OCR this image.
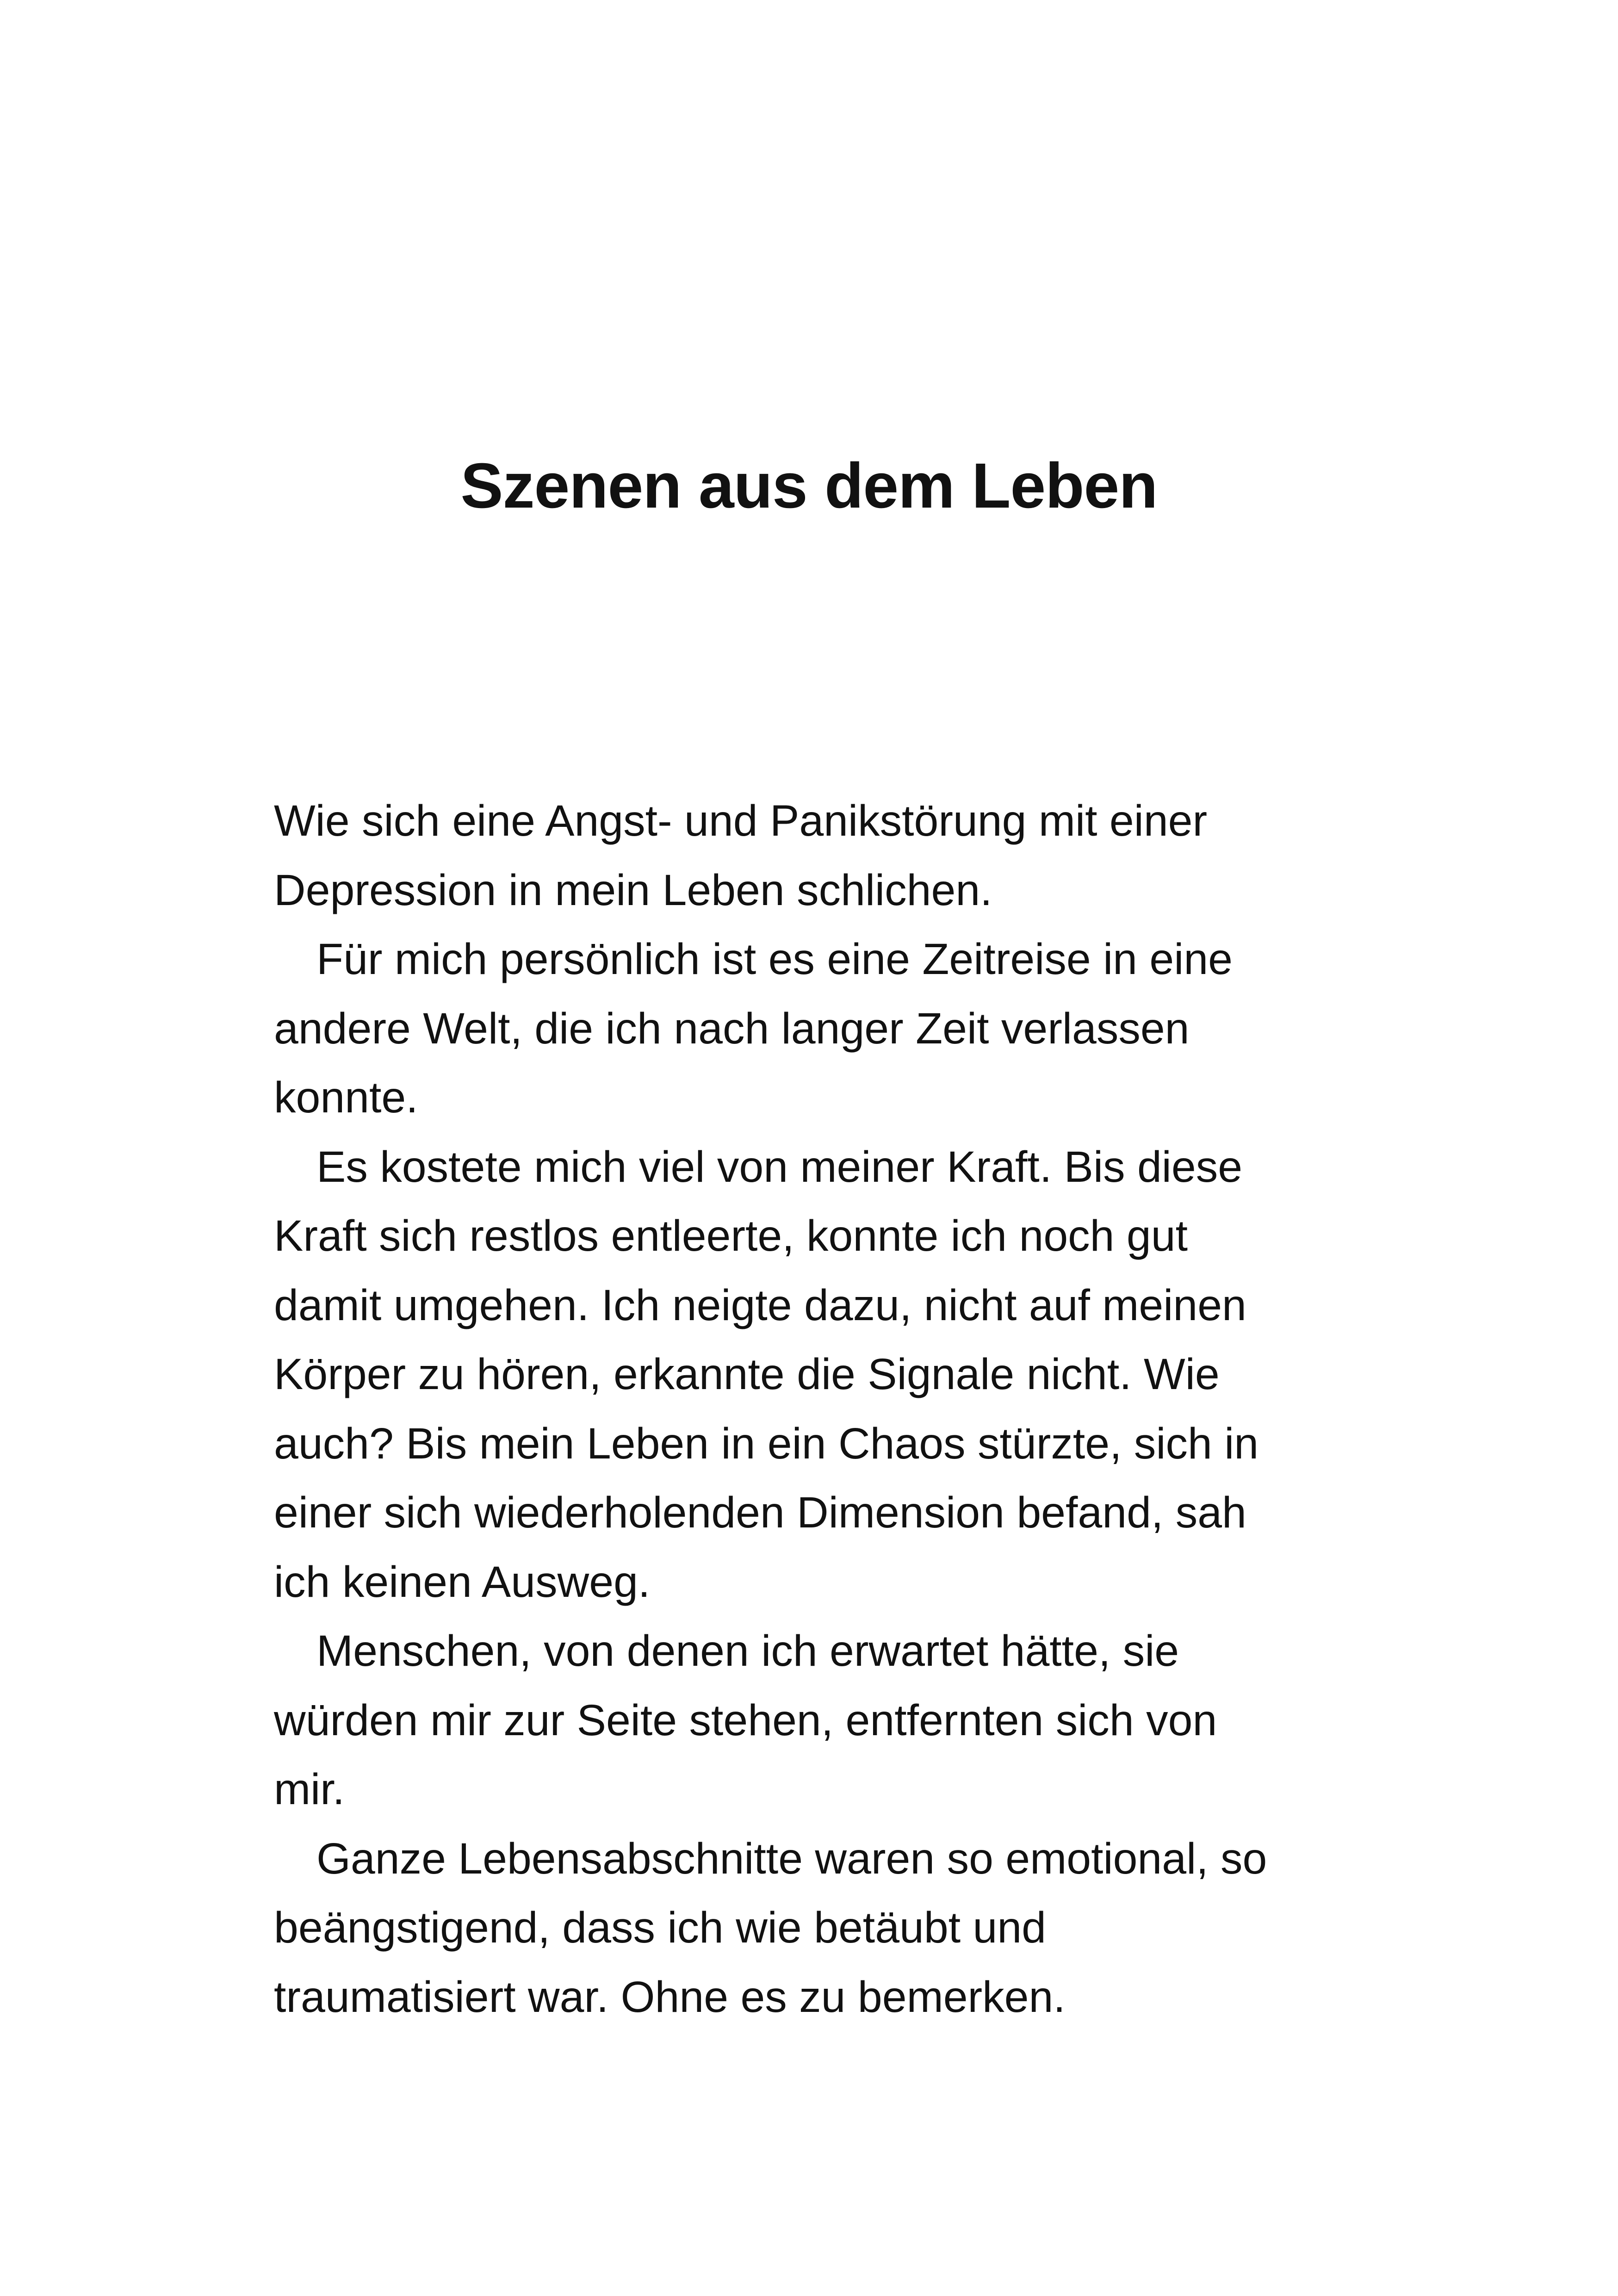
Szenen aus dem Leben
Wie sich eine Angst- und Panikstörung mit einer
Depression in mein Leben schlichen.
Für mich persönlich ist es eine Zeitreise in eine
andere Welt, die ich nach langer Zeit verlassen
konnte.
Es kostete mich viel von meiner Kraft. Bis diese
Kraft sich restlos entleerte, konnte ich noch gut
damit umgehen. Ich neigte dazu, nicht auf meinen
Körper zu hören, erkannte die Signale nicht. Wie
auch? Bis mein Leben in ein Chaos stürzte, sich in
einer sich wiederholenden Dimension befand, sah
ich keinen Ausweg.
Menschen, von denen ich erwartet hätte, sie
würden mir zur Seite stehen, entfernten sich von
mir.
Ganze Lebensabschnitte waren so emotional, so
beängstigend, dass ich wie betäubt und
traumatisiert war. Ohne es zu bemerken.
